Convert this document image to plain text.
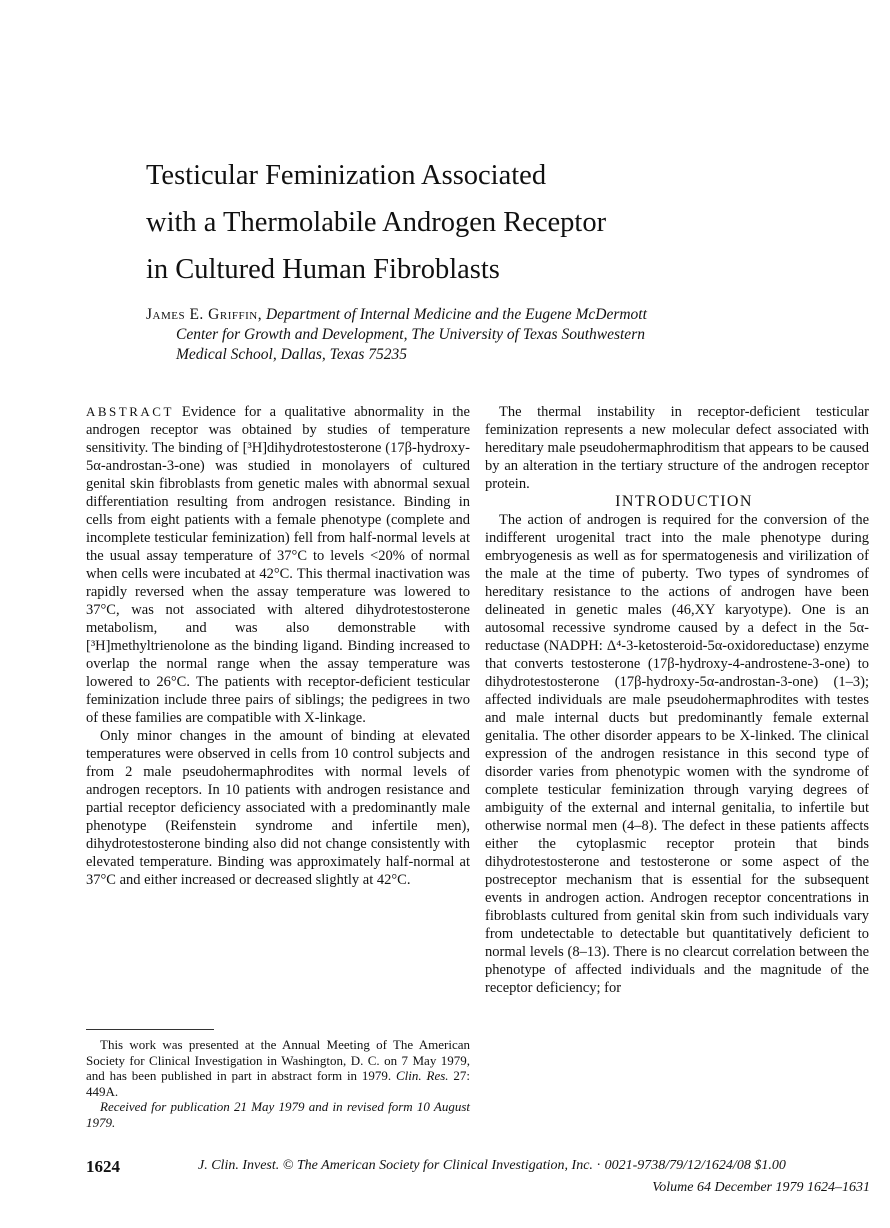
Testicular Feminization Associated
with a Thermolabile Androgen Receptor
in Cultured Human Fibroblasts
James E. Griffin, Department of Internal Medicine and the Eugene McDermott
Center for Growth and Development, The University of Texas Southwestern
Medical School, Dallas, Texas 75235

ABSTRACT Evidence for a qualitative abnormality in the androgen receptor was obtained by studies of temperature sensitivity. The binding of [³H]dihydrotestosterone (17β-hydroxy-5α-androstan-3-one) was studied in monolayers of cultured genital skin fibroblasts from genetic males with abnormal sexual differentiation resulting from androgen resistance. Binding in cells from eight patients with a female phenotype (complete and incomplete testicular feminization) fell from half-normal levels at the usual assay temperature of 37°C to levels <20% of normal when cells were incubated at 42°C. This thermal inactivation was rapidly reversed when the assay temperature was lowered to 37°C, was not associated with altered dihydrotestosterone metabolism, and was also demonstrable with [³H]methyltrienolone as the binding ligand. Binding increased to overlap the normal range when the assay temperature was lowered to 26°C. The patients with receptor-deficient testicular feminization include three pairs of siblings; the pedigrees in two of these families are compatible with X-linkage.

Only minor changes in the amount of binding at elevated temperatures were observed in cells from 10 control subjects and from 2 male pseudohermaphrodites with normal levels of androgen receptors. In 10 patients with androgen resistance and partial receptor deficiency associated with a predominantly male phenotype (Reifenstein syndrome and infertile men), dihydrotestosterone binding also did not change consistently with elevated temperature. Binding was approximately half-normal at 37°C and either increased or decreased slightly at 42°C.

The thermal instability in receptor-deficient testicular feminization represents a new molecular defect associated with hereditary male pseudohermaphroditism that appears to be caused by an alteration in the tertiary structure of the androgen receptor protein.

INTRODUCTION

The action of androgen is required for the conversion of the indifferent urogenital tract into the male phenotype during embryogenesis as well as for spermatogenesis and virilization of the male at the time of puberty. Two types of syndromes of hereditary resistance to the actions of androgen have been delineated in genetic males (46,XY karyotype). One is an autosomal recessive syndrome caused by a defect in the 5α-reductase (NADPH: Δ⁴-3-ketosteroid-5α-oxidoreductase) enzyme that converts testosterone (17β-hydroxy-4-androstene-3-one) to dihydrotestosterone (17β-hydroxy-5α-androstan-3-one) (1–3); affected individuals are male pseudohermaphrodites with testes and male internal ducts but predominantly female external genitalia. The other disorder appears to be X-linked. The clinical expression of the androgen resistance in this second type of disorder varies from phenotypic women with the syndrome of complete testicular feminization through varying degrees of ambiguity of the external and internal genitalia, to infertile but otherwise normal men (4–8). The defect in these patients affects either the cytoplasmic receptor protein that binds dihydrotestosterone and testosterone or some aspect of the postreceptor mechanism that is essential for the subsequent events in androgen action. Androgen receptor concentrations in fibroblasts cultured from genital skin from such individuals vary from undetectable to detectable but quantitatively deficient to normal levels (8–13). There is no clearcut correlation between the phenotype of affected individuals and the magnitude of the receptor deficiency; for

This work was presented at the Annual Meeting of The American Society for Clinical Investigation in Washington, D. C. on 7 May 1979, and has been published in part in abstract form in 1979. Clin. Res. 27: 449A.

Received for publication 21 May 1979 and in revised form 10 August 1979.

1624	J. Clin. Invest. © The American Society for Clinical Investigation, Inc. · 0021-9738/79/12/1624/08 $1.00
Volume 64 December 1979 1624–1631
